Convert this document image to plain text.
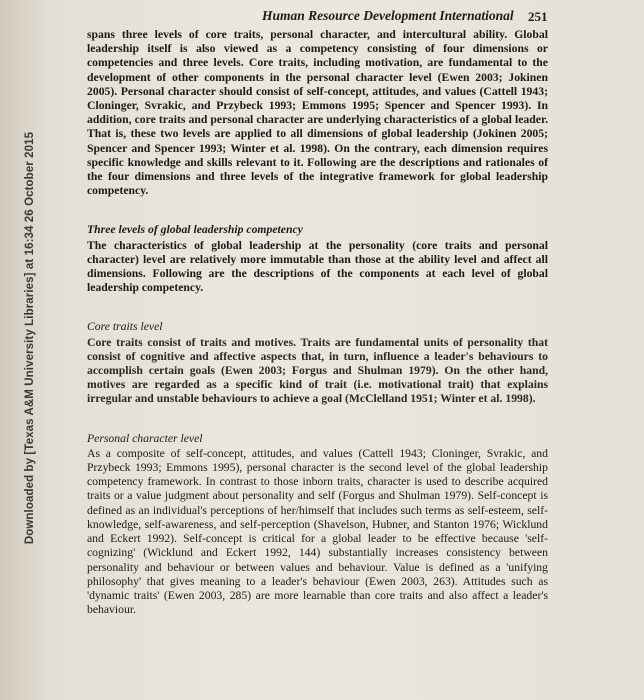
Downloaded by [Texas A&M University Libraries] at 16:34 26 October 2015
Human Resource Development International 251

spans three levels of core traits, personal character, and intercultural ability. Global leadership itself is also viewed as a competency consisting of four dimensions or competencies and three levels. Core traits, including motivation, are fundamental to the development of other components in the personal character level (Ewen 2003; Jokinen 2005). Personal character should consist of self-concept, attitudes, and values (Cattell 1943; Cloninger, Svrakic, and Przybeck 1993; Emmons 1995; Spencer and Spencer 1993). In addition, core traits and personal character are underlying characteristics of a global leader. That is, these two levels are applied to all dimensions of global leadership (Jokinen 2005; Spencer and Spencer 1993; Winter et al. 1998). On the contrary, each dimension requires specific knowledge and skills relevant to it. Following are the descriptions and rationales of the four dimensions and three levels of the integrative framework for global leadership competency.

Three levels of global leadership competency

The characteristics of global leadership at the personality (core traits and personal character) level are relatively more immutable than those at the ability level and affect all dimensions. Following are the descriptions of the components at each level of global leadership competency.

Core traits level

Core traits consist of traits and motives. Traits are fundamental units of personality that consist of cognitive and affective aspects that, in turn, influence a leader's behaviours to accomplish certain goals (Ewen 2003; Forgus and Shulman 1979). On the other hand, motives are regarded as a specific kind of trait (i.e. motivational trait) that explains irregular and unstable behaviours to achieve a goal (McClelland 1951; Winter et al. 1998).

Personal character level

As a composite of self-concept, attitudes, and values (Cattell 1943; Cloninger, Svrakic, and Przybeck 1993; Emmons 1995), personal character is the second level of the global leadership competency framework. In contrast to those inborn traits, character is used to describe acquired traits or a value judgment about personality and self (Forgus and Shulman 1979). Self-concept is defined as an individual's perceptions of her/himself that includes such terms as self-esteem, self-knowledge, self-awareness, and self-perception (Shavelson, Hubner, and Stanton 1976; Wicklund and Eckert 1992). Self-concept is critical for a global leader to be effective because 'self-cognizing' (Wicklund and Eckert 1992, 144) substantially increases consistency between personality and behaviour or between values and behaviour. Value is defined as a 'unifying philosophy' that gives meaning to a leader's behaviour (Ewen 2003, 263). Attitudes such as 'dynamic traits' (Ewen 2003, 285) are more learnable than core traits and also affect a leader's behaviour.
